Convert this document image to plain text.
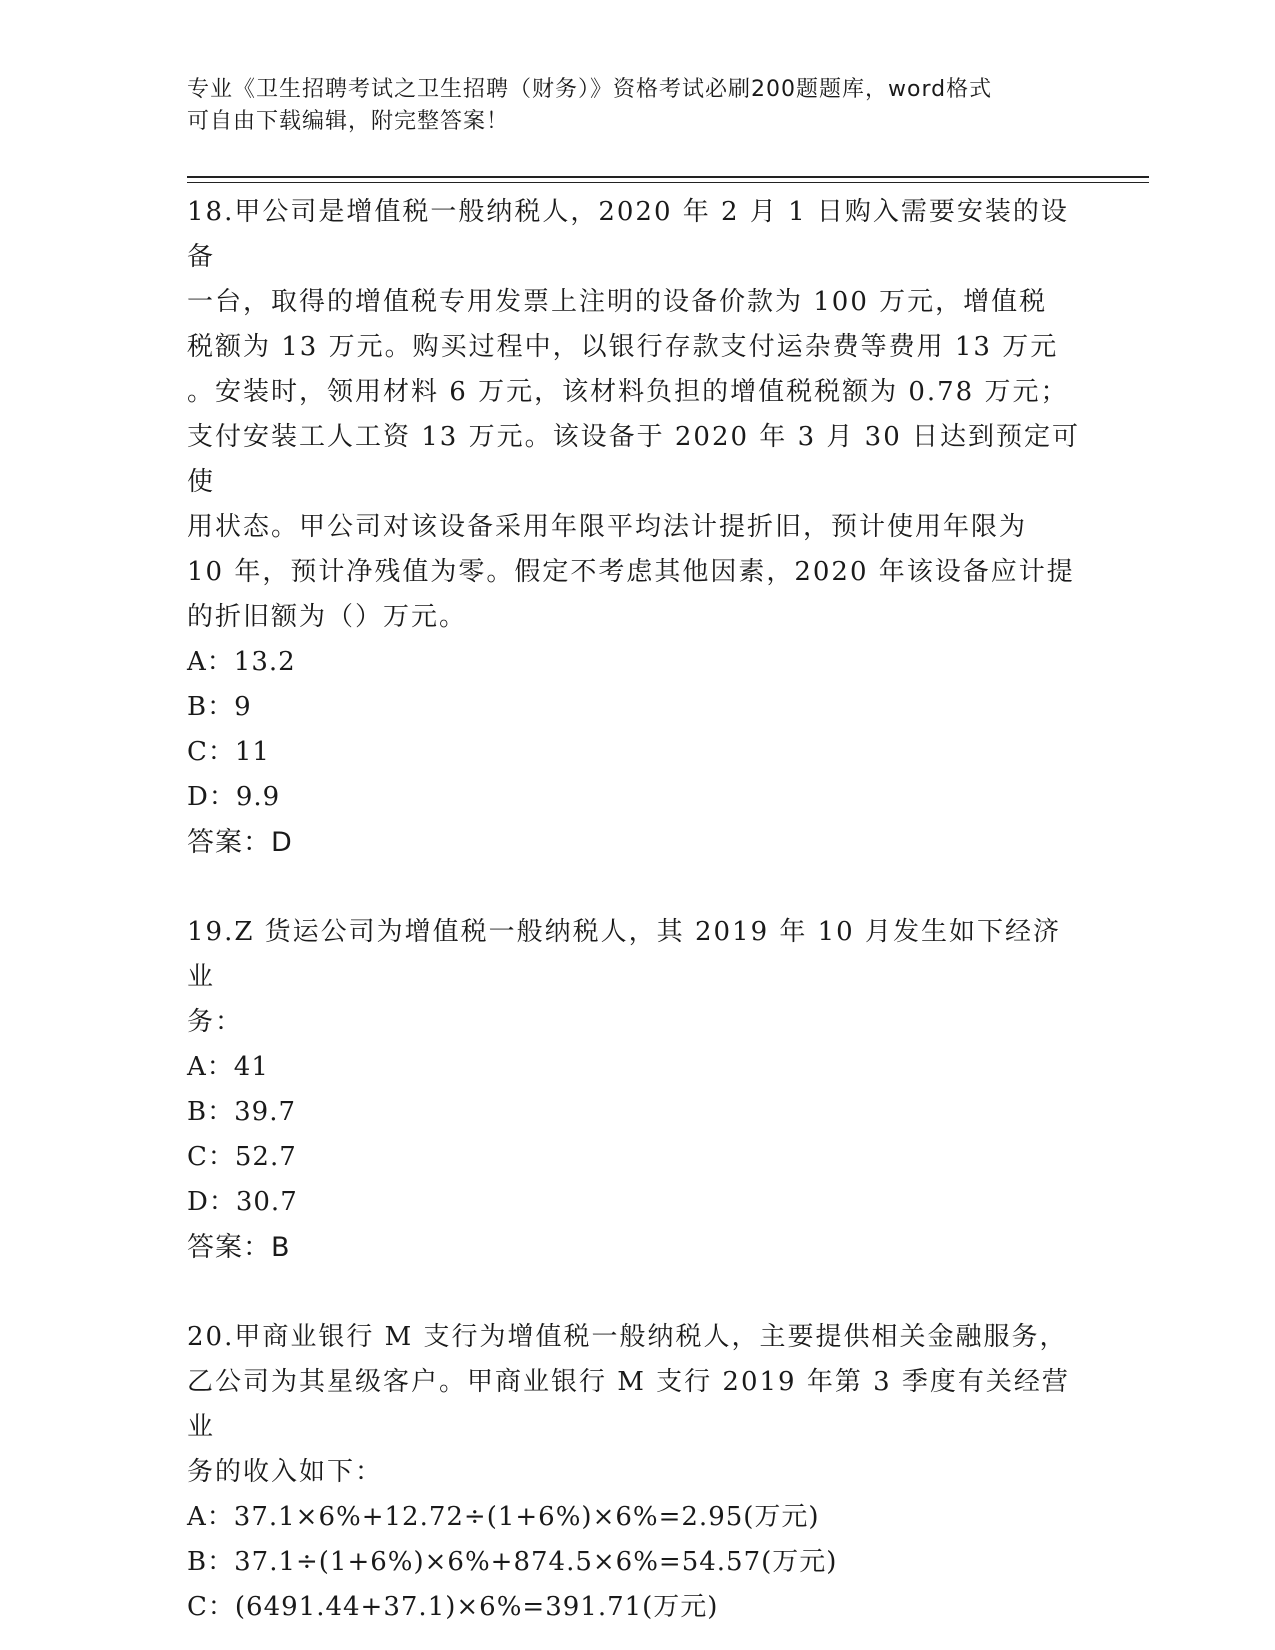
专业《卫生招聘考试之卫生招聘（财务）》资格考试必刷200题题库，word格式
可自由下载编辑，附完整答案！

18.甲公司是增值税一般纳税人，2020 年 2 月 1 日购入需要安装的设备

一台，取得的增值税专用发票上注明的设备价款为 100 万元，增值税

税额为 13 万元。购买过程中，以银行存款支付运杂费等费用 13 万元

。安装时，领用材料 6 万元，该材料负担的增值税税额为 0.78 万元；

支付安装工人工资 13 万元。该设备于 2020 年 3 月 30 日达到预定可使

用状态。甲公司对该设备采用年限平均法计提折旧，预计使用年限为

10 年，预计净残值为零。假定不考虑其他因素，2020 年该设备应计提

的折旧额为（）万元。

A：13.2

B：9

C：11

D：9.9

答案：D

19.Z 货运公司为增值税一般纳税人，其 2019 年 10 月发生如下经济业

务：

A：41

B：39.7

C：52.7

D：30.7

答案：B

20.甲商业银行 M 支行为增值税一般纳税人，主要提供相关金融服务，

乙公司为其星级客户。甲商业银行 M 支行 2019 年第 3 季度有关经营业

务的收入如下：

A：37.1×6%+12.72÷(1+6%)×6%=2.95(万元)

B：37.1÷(1+6%)×6%+874.5×6%=54.57(万元)

C：(6491.44+37.1)×6%=391.71(万元)
